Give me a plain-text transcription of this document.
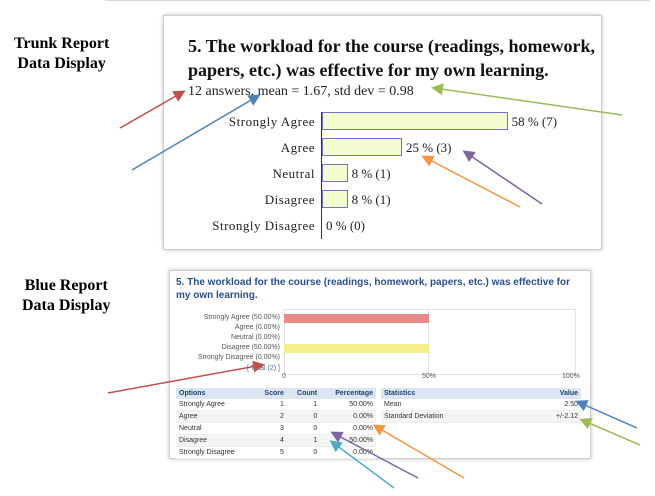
Trunk Report
Data Display
Blue Report
Data Display
5. The workload for the course (readings, homework, papers, etc.) was effective for my own learning.
12 answers, mean = 1.67, std dev = 0.98
Strongly Agree	58 % (7)
Agree	25 % (3)
Neutral	8 % (1)
Disagree	8 % (1)
Strongly Disagree 0 % (0)
5. The workload for the course (readings, homework, papers, etc.) was effective for my own learning.
Strongly Agree (50.00%)
Agree (0.00%)
Neutral (0.00%)
Disagree (50.00%)
Strongly Disagree (0.00%)
[ Total (2) ]
0	50%	100%
Options	Score	Count	Percentage
Strongly Agree	1	1	50.00%
Agree	2	0	0.00%
Neutral	3	0	0.00%
Disagree	4	1	50.00%
Strongly Disagree	5	0	0.00%
Statistics	Value
Mean	2.50
Standard Deviation	+/-2.12
